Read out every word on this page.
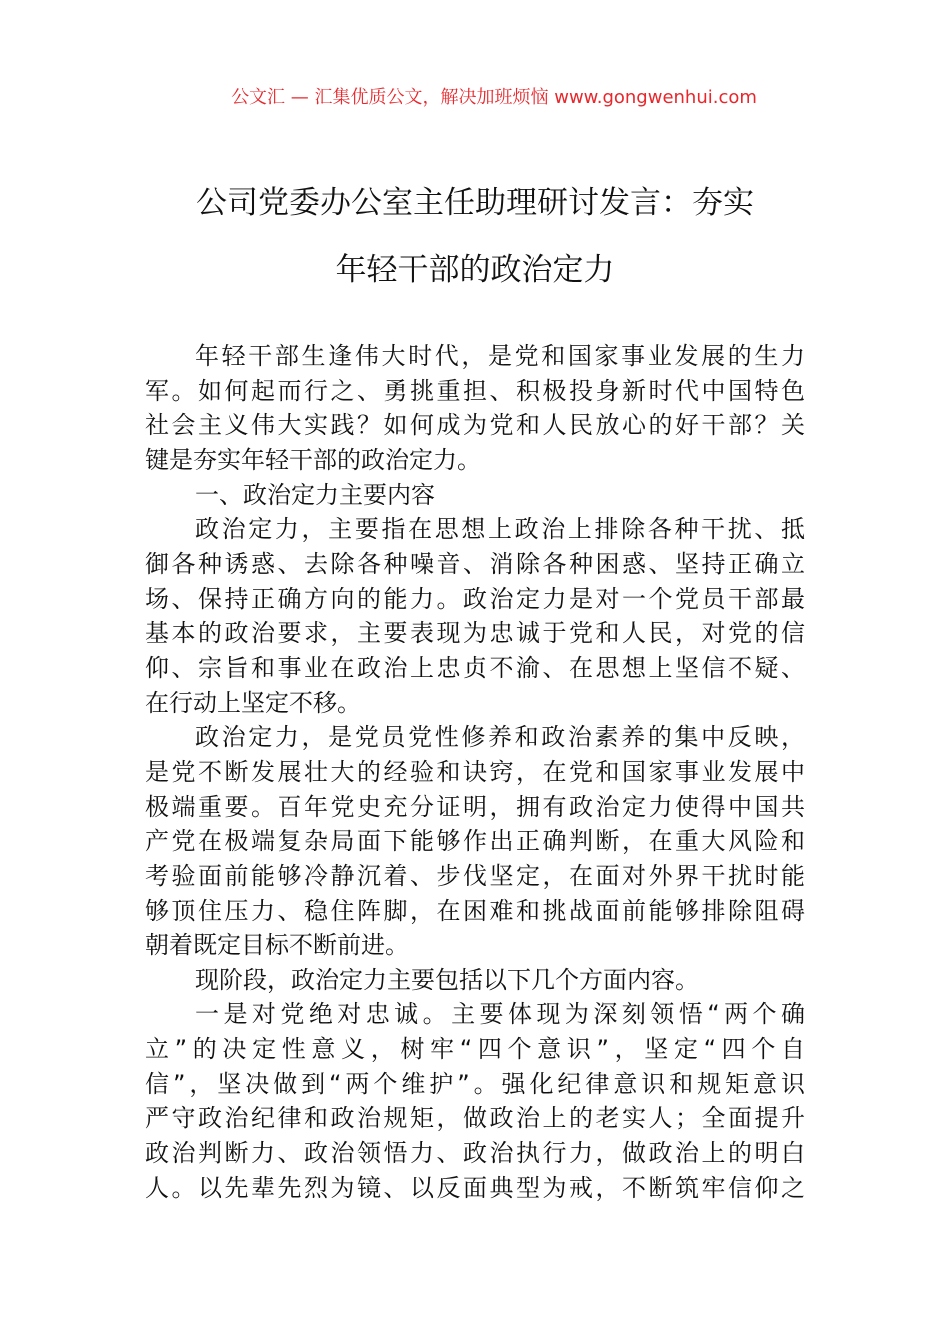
公文汇 — 汇集优质公文，解决加班烦恼 www.gongwenhui.com
公司党委办公室主任助理研讨发言：夯实
年轻干部的政治定力
年轻干部生逢伟大时代，是党和国家事业发展的生力
军。如何起而行之、勇挑重担、积极投身新时代中国特色
社会主义伟大实践？如何成为党和人民放心的好干部？关
键是夯实年轻干部的政治定力。
一、政治定力主要内容
政治定力，主要指在思想上政治上排除各种干扰、抵
御各种诱惑、去除各种噪音、消除各种困惑、坚持正确立
场、保持正确方向的能力。政治定力是对一个党员干部最
基本的政治要求，主要表现为忠诚于党和人民，对党的信
仰、宗旨和事业在政治上忠贞不渝、在思想上坚信不疑、
在行动上坚定不移。
政治定力，是党员党性修养和政治素养的集中反映，
是党不断发展壮大的经验和诀窍，在党和国家事业发展中
极端重要。百年党史充分证明，拥有政治定力使得中国共
产党在极端复杂局面下能够作出正确判断，在重大风险和
考验面前能够冷静沉着、步伐坚定，在面对外界干扰时能
够顶住压力、稳住阵脚，在困难和挑战面前能够排除阻碍
朝着既定目标不断前进。
现阶段，政治定力主要包括以下几个方面内容。
一是对党绝对忠诚。主要体现为深刻领悟“两个确
立”的决定性意义，树牢“四个意识”，坚定“四个自
信”，坚决做到“两个维护”。强化纪律意识和规矩意识
严守政治纪律和政治规矩，做政治上的老实人；全面提升
政治判断力、政治领悟力、政治执行力，做政治上的明白
人。以先辈先烈为镜、以反面典型为戒，不断筑牢信仰之
